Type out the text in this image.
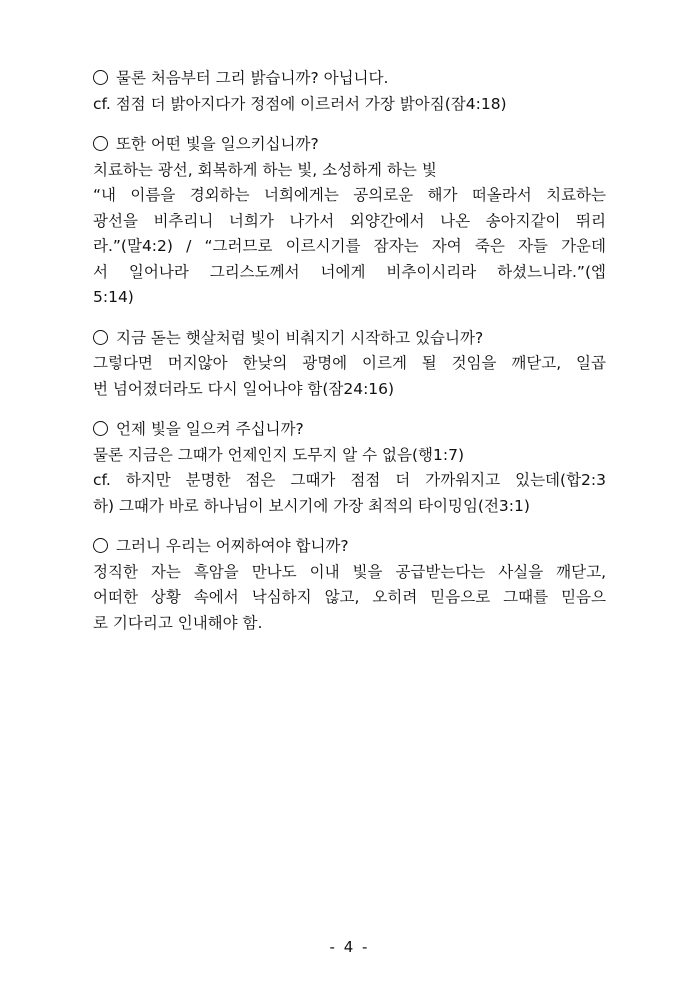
물론 처음부터 그리 밝습니까? 아닙니다.
cf. 점점 더 밝아지다가 정점에 이르러서 가장 밝아짐(잠4:18)
또한 어떤 빛을 일으키십니까?
치료하는 광선, 회복하게 하는 빛, 소성하게 하는 빛
“내 이름을 경외하는 너희에게는 공의로운 해가 떠올라서 치료하는
광선을 비추리니 너희가 나가서 외양간에서 나온 송아지같이 뛰리
라.”(말4:2) / “그러므로 이르시기를 잠자는 자여 죽은 자들 가운데
서 일어나라 그리스도께서 너에게 비추이시리라 하셨느니라.”(엡
5:14)
지금 돋는 햇살처럼 빛이 비춰지기 시작하고 있습니까?
그렇다면 머지않아 한낮의 광명에 이르게 될 것임을 깨닫고, 일곱
번 넘어졌더라도 다시 일어나야 함(잠24:16)
언제 빛을 일으켜 주십니까?
물론 지금은 그때가 언제인지 도무지 알 수 없음(행1:7)
cf. 하지만 분명한 점은 그때가 점점 더 가까워지고 있는데(합2:3
하) 그때가 바로 하나님이 보시기에 가장 최적의 타이밍임(전3:1)
그러니 우리는 어찌하여야 합니까?
정직한 자는 흑암을 만나도 이내 빛을 공급받는다는 사실을 깨닫고,
어떠한 상황 속에서 낙심하지 않고, 오히려 믿음으로 그때를 믿음으
로 기다리고 인내해야 함.
- 4 -
